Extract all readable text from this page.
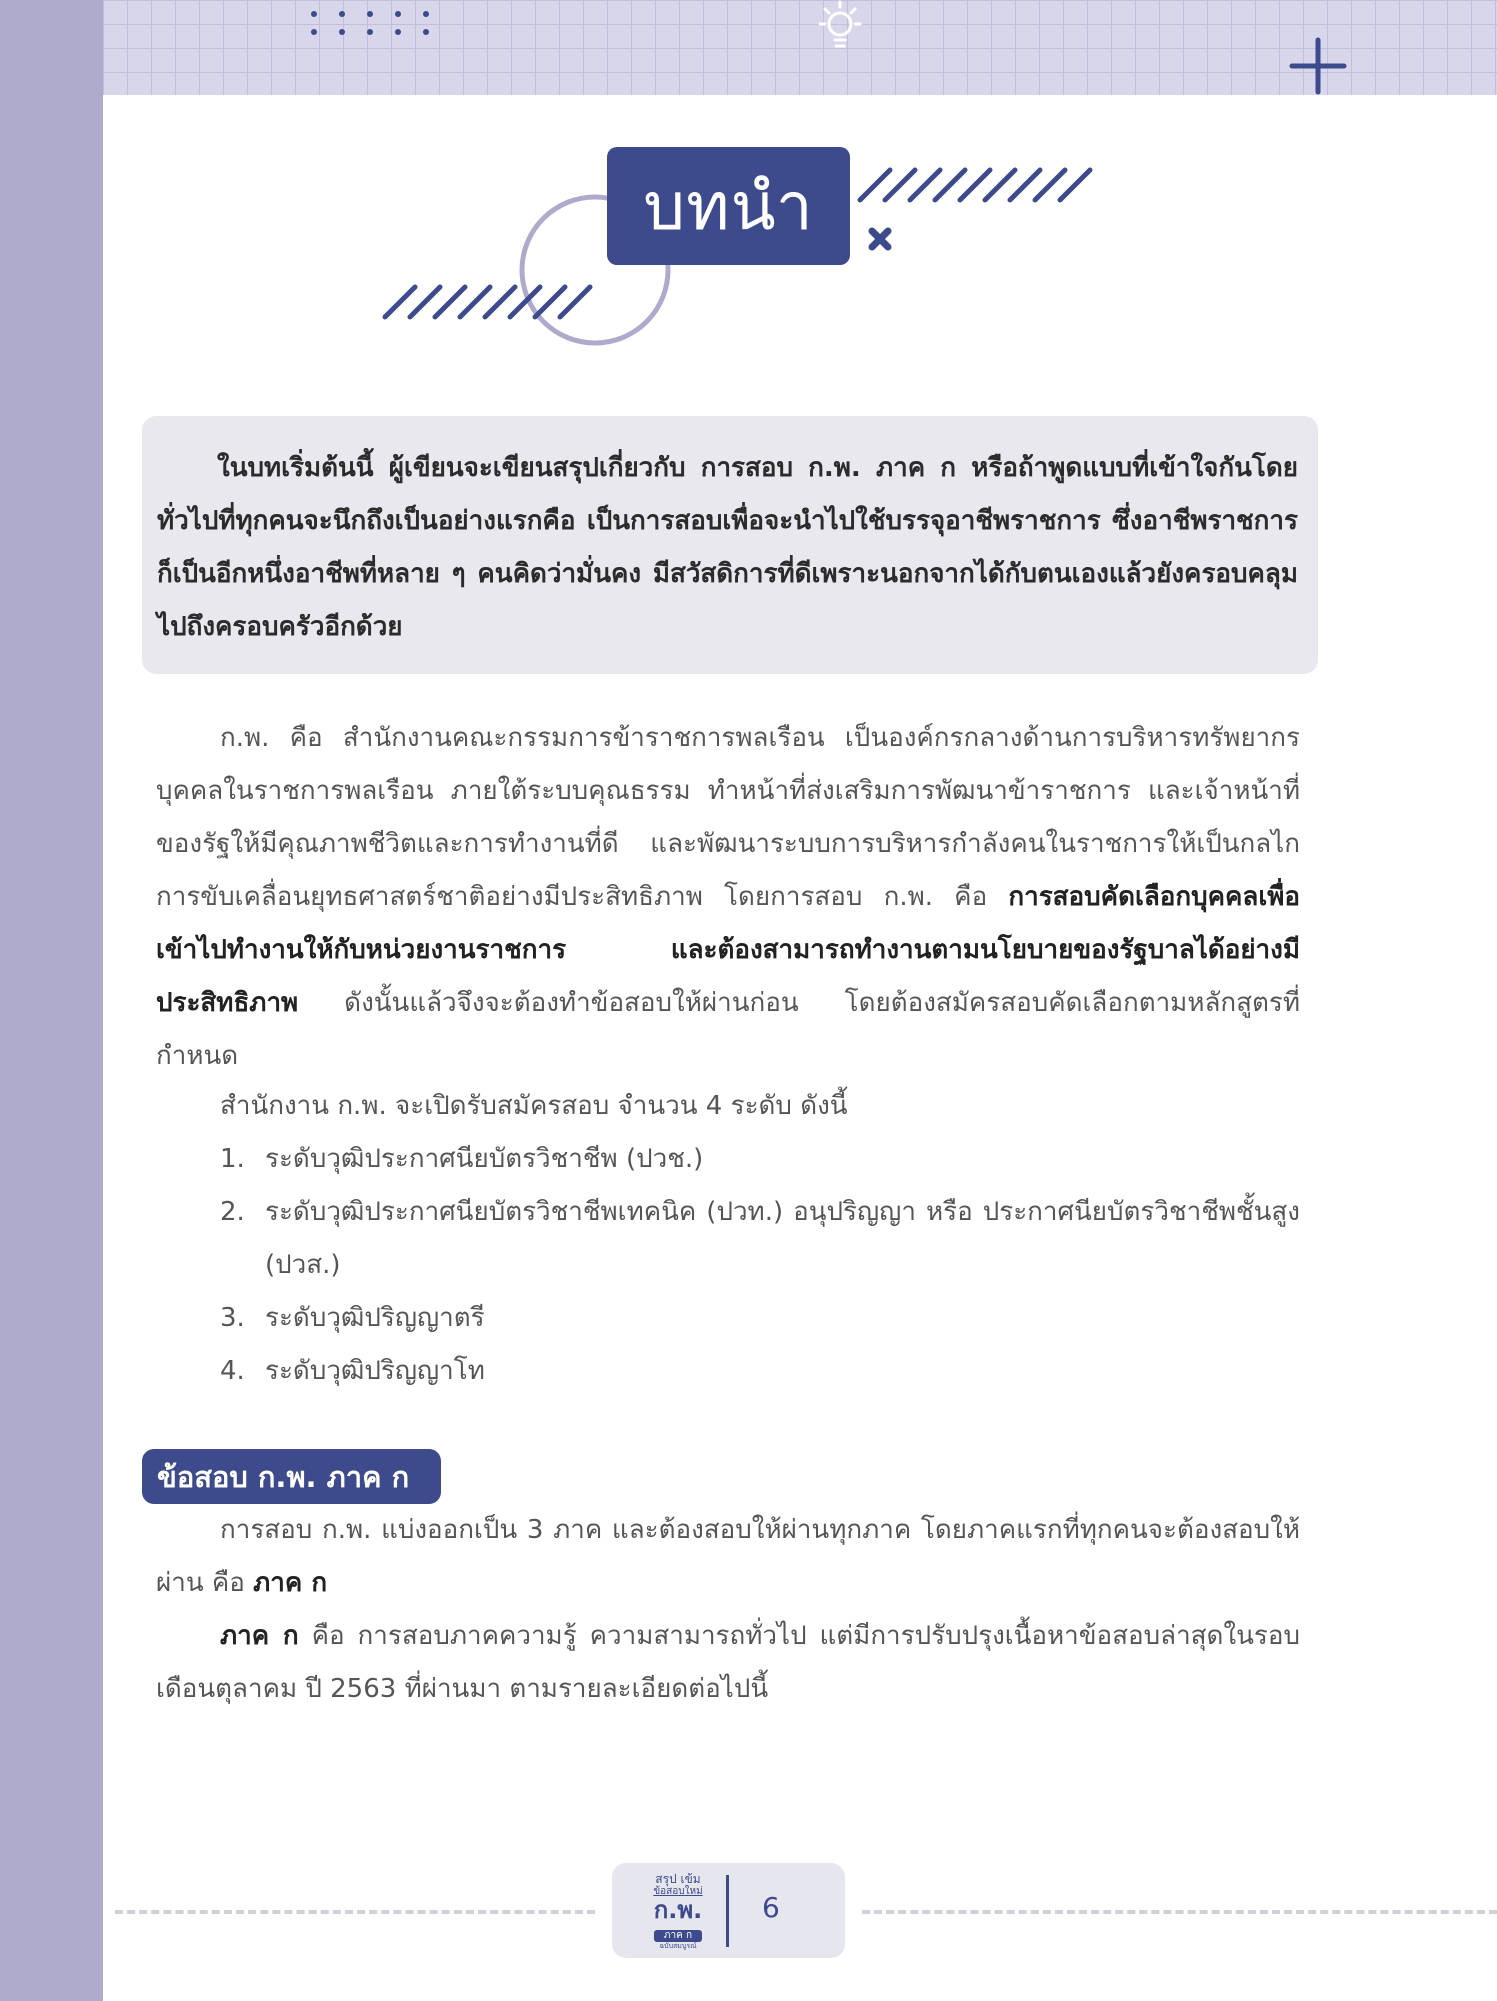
บทนำ

ในบทเริ่มต้นนี้ ผู้เขียนจะเขียนสรุปเกี่ยวกับ การสอบ ก.พ. ภาค ก หรือถ้าพูดแบบที่เข้าใจกันโดยทั่วไปที่ทุกคนจะนึกถึงเป็นอย่างแรกคือ เป็นการสอบเพื่อจะนำไปใช้บรรจุอาชีพราชการ ซึ่งอาชีพราชการก็เป็นอีกหนึ่งอาชีพที่หลาย ๆ คนคิดว่ามั่นคง มีสวัสดิการที่ดีเพราะนอกจากได้กับตนเองแล้วยังครอบคลุมไปถึงครอบครัวอีกด้วย

ก.พ. คือ สำนักงานคณะกรรมการข้าราชการพลเรือน เป็นองค์กรกลางด้านการบริหารทรัพยากรบุคคลในราชการพลเรือน ภายใต้ระบบคุณธรรม ทำหน้าที่ส่งเสริมการพัฒนาข้าราชการ และเจ้าหน้าที่ของรัฐให้มีคุณภาพชีวิตและการทำงานที่ดี และพัฒนาระบบการบริหารกำลังคนในราชการให้เป็นกลไกการขับเคลื่อนยุทธศาสตร์ชาติอย่างมีประสิทธิภาพ โดยการสอบ ก.พ. คือ การสอบคัดเลือกบุคคลเพื่อเข้าไปทำงานให้กับหน่วยงานราชการ และต้องสามารถทำงานตามนโยบายของรัฐบาลได้อย่างมีประสิทธิภาพ ดังนั้นแล้วจึงจะต้องทำข้อสอบให้ผ่านก่อน โดยต้องสมัครสอบคัดเลือกตามหลักสูตรที่กำหนด

สำนักงาน ก.พ. จะเปิดรับสมัครสอบ จำนวน 4 ระดับ ดังนี้

1. ระดับวุฒิประกาศนียบัตรวิชาชีพ (ปวช.)
2. ระดับวุฒิประกาศนียบัตรวิชาชีพเทคนิค (ปวท.) อนุปริญญา หรือ ประกาศนียบัตรวิชาชีพชั้นสูง (ปวส.)
3. ระดับวุฒิปริญญาตรี
4. ระดับวุฒิปริญญาโท
ข้อสอบ ก.พ. ภาค ก

การสอบ ก.พ. แบ่งออกเป็น 3 ภาค และต้องสอบให้ผ่านทุกภาค โดยภาคแรกที่ทุกคนจะต้องสอบให้ผ่าน คือ ภาค ก

ภาค ก คือ การสอบภาคความรู้ ความสามารถทั่วไป แต่มีการปรับปรุงเนื้อหาข้อสอบล่าสุดในรอบ เดือนตุลาคม ปี 2563 ที่ผ่านมา ตามรายละเอียดต่อไปนี้

สรุป เข้ม
ข้อสอบใหม่
ก.พ.
ภาค ก
ฉบับสมบูรณ์
6
